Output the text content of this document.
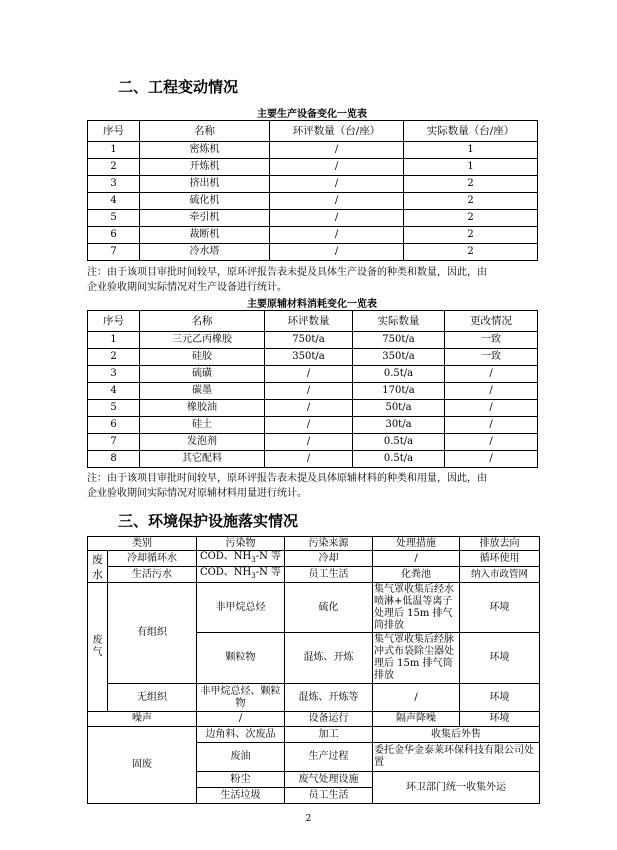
二、工程变动情况
主要生产设备变化一览表
序号	名称	环评数量（台/座）	实际数量（台/座）
1	密炼机	/	1
2	开炼机	/	1
3	挤出机	/	2
4	硫化机	/	2
5	牵引机	/	2
6	裁断机	/	2
7	冷水塔	/	2
注：由于该项目审批时间较早，原环评报告表未提及具体生产设备的种类和数量，因此，由
企业验收期间实际情况对生产设备进行统计。
主要原辅材料消耗变化一览表
序号	名称	环评数量	实际数量	更改情况
1	三元乙丙橡胶	750t/a	750t/a	一致
2	硅胶	350t/a	350t/a	一致
3	硫磺	/	0.5t/a	/
4	碳墨	/	170t/a	/
5	橡胶油	/	50t/a	/
6	硅土	/	30t/a	/
7	发泡剂	/	0.5t/a	/
8	其它配料	/	0.5t/a	/
注：由于该项目审批时间较早，原环评报告表未提及具体原辅材料的种类和用量，因此，由
企业验收期间实际情况对原辅材料用量进行统计。
三、环境保护设施落实情况
类别		污染物	污染来源	处理措施	排放去向

废
水	冷却循环水	COD、$NH_3-N$ 等	冷却	/	循环使用
	生活污水	COD、$NH_3-N$ 等	员工生活	化粪池	纳入市政管网
废气	有组织	非甲烷总烃	硫化	集气罩收集后经水喷淋+低温等离子处理后 15m 排气筒排放	环境
		颗粒物	混炼、开炼	集气罩收集后经脉冲式布袋除尘器处理后 15m 排气筒排放	环境
	无组织	非甲烷总烃、颗粒物	混炼、开炼等	/	环境
噪声		/	设备运行	隔声降噪	环境
固废		边角料、次废品	加工	收集后外售	
		废油	生产过程	委托金华金泰莱环保科技有限公司处置	
		粉尘	废气处理设施	环卫部门统一收集外运	
		生活垃圾	员工生活		
2
